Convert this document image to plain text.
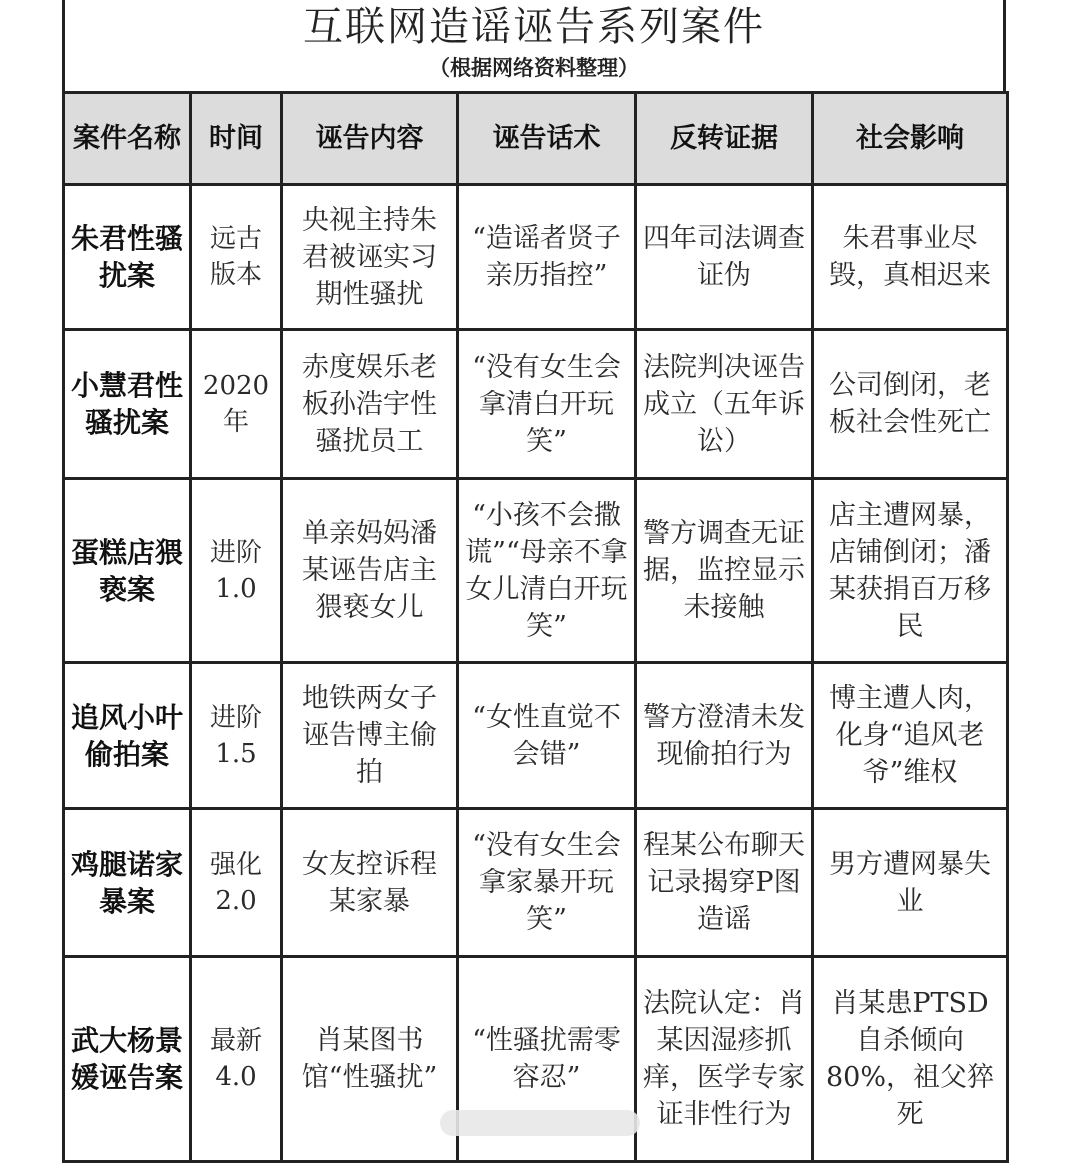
互联网造谣诬告系列案件
（根据网络资料整理）
案件名称	时间	诬告内容	诬告话术	反转证据	社会影响
朱君性骚扰案	远古版本	央视主持朱君被诬实习期性骚扰	“造谣者贤子亲历指控”	四年司法调查证伪	朱君事业尽毁，真相迟来
小慧君性骚扰案	2020年	赤度娱乐老板孙浩宇性骚扰员工	“没有女生会拿清白开玩笑”	法院判决诬告成立（五年诉讼）	公司倒闭，老板社会性死亡
蛋糕店猥亵案	进阶1.0	单亲妈妈潘某诬告店主猥亵女儿	“小孩不会撒谎”“母亲不拿女儿清白开玩笑”	警方调查无证据，监控显示未接触	店主遭网暴，店铺倒闭；潘某获捐百万移民
追风小叶偷拍案	进阶1.5	地铁两女子诬告博主偷拍	“女性直觉不会错”	警方澄清未发现偷拍行为	博主遭人肉，化身“追风老爷”维权
鸡腿诺家暴案	强化2.0	女友控诉程某家暴	“没有女生会拿家暴开玩笑”	程某公布聊天记录揭穿P图造谣	男方遭网暴失业
武大杨景媛诬告案	最新4.0	肖某图书馆“性骚扰”	“性骚扰需零容忍”	法院认定：肖某因湿疹抓痒，医学专家证非性行为	肖某患PTSD自杀倾向80%，祖父猝死
